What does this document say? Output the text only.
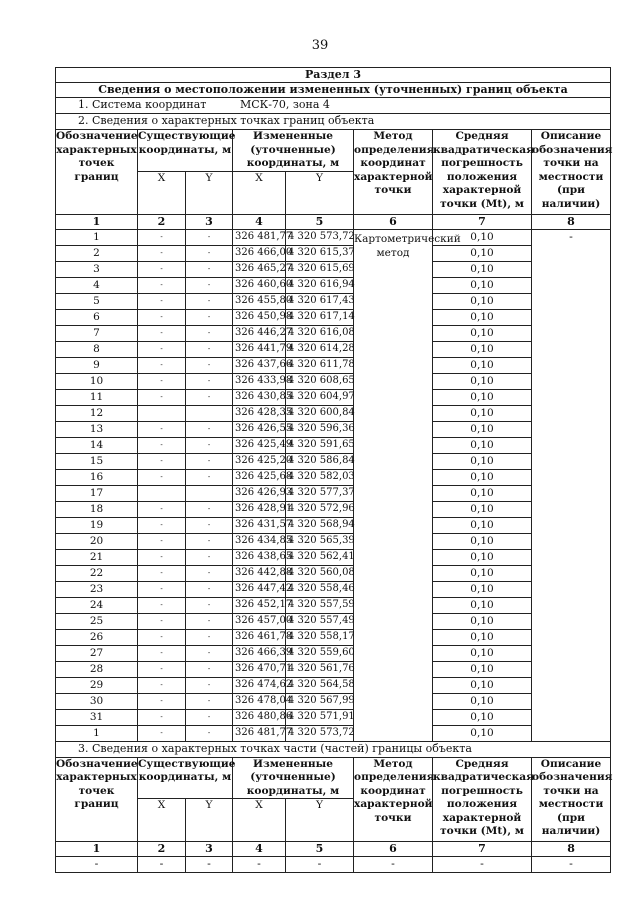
39
Раздел 3							
Сведения о местоположении измененных (уточненных) границ объекта							
1. Система координат МСК-70, зона 4							
2. Сведения о характерных точках границ объекта							
Обозначение характерных точек границ	Существующие координаты, м		Измененные (уточненные) координаты, м		Метод определения координат характерной точки	Средняя квадратическая погрешность положения характерной точки (Mt), м	Описание обозначения точки на местности (при наличии)
	X	Y	X	Y			
1	2	3	4	5	6	7	8
1	-	-	326 481,77	4 320 573,72	Картометрический метод	0,10	-
2	-	-	326 466,00	4 320 615,37		0,10	
3	-	-	326 465,27	4 320 615,69		0,10	
4	-	-	326 460,60	4 320 616,94		0,10	
5	-	-	326 455,80	4 320 617,43		0,10	
6	-	-	326 450,98	4 320 617,14		0,10	
7	-	-	326 446,27	4 320 616,08		0,10	
8	-	-	326 441,79	4 320 614,28		0,10	
9	-	-	326 437,66	4 320 611,78		0,10	
10	-	-	326 433,98	4 320 608,65		0,10	
11	-	-	326 430,85	4 320 604,97		0,10	
12			326 428,35	4 320 600,84		0,10	
13	-	-	326 426,55	4 320 596,36		0,10	
14	-	-	326 425,49	4 320 591,65		0,10	
15	-	-	326 425,20	4 320 586,84		0,10	
16	-	-	326 425,68	4 320 582,03		0,10	
17			326 426,93	4 320 577,37		0,10	
18	-	-	326 428,91	4 320 572,96		0,10	
19	-	-	326 431,57	4 320 568,94		0,10	
20	-	-	326 434,85	4 320 565,39		0,10	
21	-	-	326 438,65	4 320 562,41		0,10	
22	-	-	326 442,88	4 320 560,08		0,10	
23	-	-	326 447,42	4 320 558,46		0,10	
24	-	-	326 452,17	4 320 557,59		0,10	
25	-	-	326 457,00	4 320 557,49		0,10	
26	-	-	326 461,78	4 320 558,17		0,10	
27	-	-	326 466,39	4 320 559,60		0,10	
28	-	-	326 470,71	4 320 561,76		0,10	
29	-	-	326 474,62	4 320 564,58		0,10	
30	-	-	326 478,04	4 320 567,99		0,10	
31	-	-	326 480,86	4 320 571,91		0,10	
1	-	-	326 481,77	4 320 573,72		0,10	
3. Сведения о характерных точках части (частей) границы объекта							
Обозначение характерных точек границ	Существующие координаты, м		Измененные (уточненные) координаты, м		Метод определения координат характерной точки	Средняя квадратическая погрешность положения характерной точки (Mt), м	Описание обозначения точки на местности (при наличии)
	X	Y	X	Y			
1	2	3	4	5	6	7	8
-	-	-	-	-	-	-	-
